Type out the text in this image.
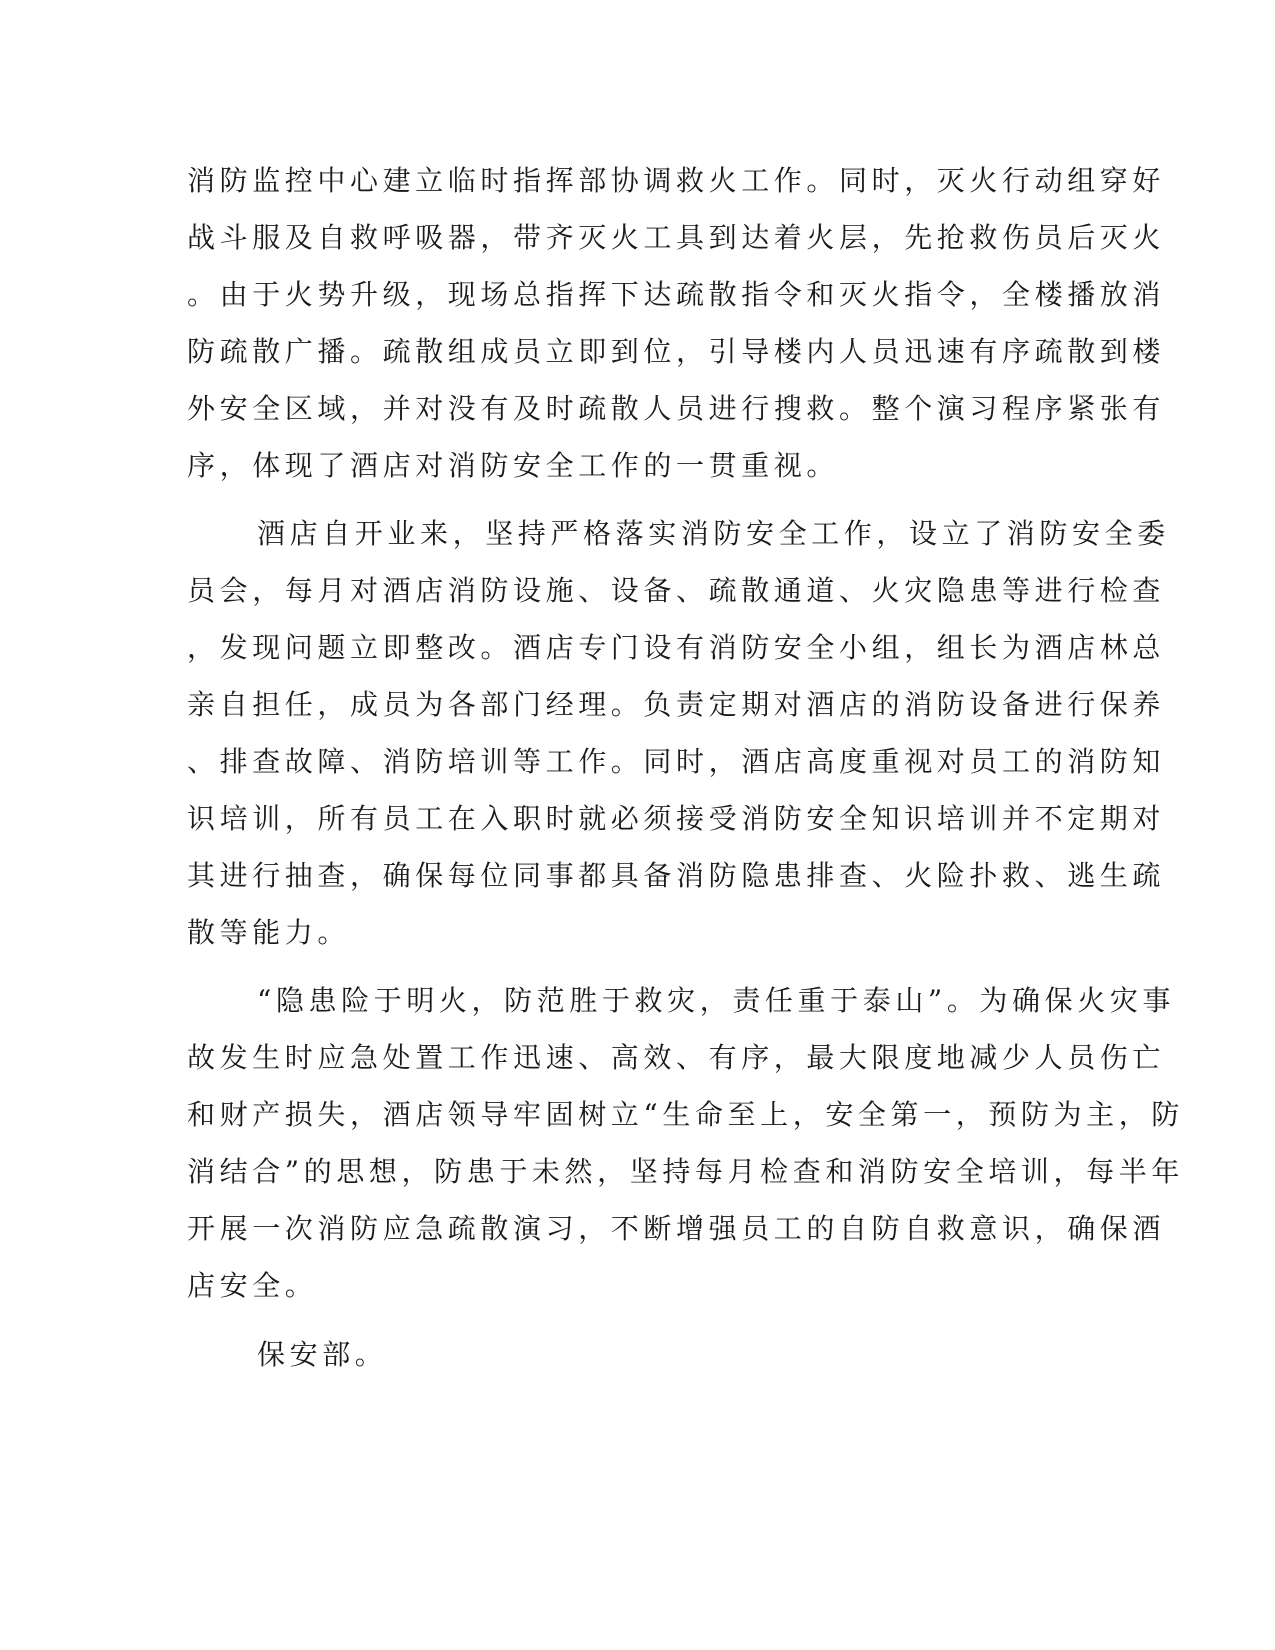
消防监控中心建立临时指挥部协调救火工作。同时，灭火行动组穿好
战斗服及自救呼吸器，带齐灭火工具到达着火层，先抢救伤员后灭火
。由于火势升级，现场总指挥下达疏散指令和灭火指令，全楼播放消
防疏散广播。疏散组成员立即到位，引导楼内人员迅速有序疏散到楼
外安全区域，并对没有及时疏散人员进行搜救。整个演习程序紧张有
序，体现了酒店对消防安全工作的一贯重视。
酒店自开业来，坚持严格落实消防安全工作，设立了消防安全委
员会，每月对酒店消防设施、设备、疏散通道、火灾隐患等进行检查
，发现问题立即整改。酒店专门设有消防安全小组，组长为酒店林总
亲自担任，成员为各部门经理。负责定期对酒店的消防设备进行保养
、排查故障、消防培训等工作。同时，酒店高度重视对员工的消防知
识培训，所有员工在入职时就必须接受消防安全知识培训并不定期对
其进行抽查，确保每位同事都具备消防隐患排查、火险扑救、逃生疏
散等能力。
“隐患险于明火，防范胜于救灾，责任重于泰山”。为确保火灾事
故发生时应急处置工作迅速、高效、有序，最大限度地减少人员伤亡
和财产损失，酒店领导牢固树立“生命至上，安全第一，预防为主，防
消结合”的思想，防患于未然，坚持每月检查和消防安全培训，每半年
开展一次消防应急疏散演习，不断增强员工的自防自救意识，确保酒
店安全。
保安部。
